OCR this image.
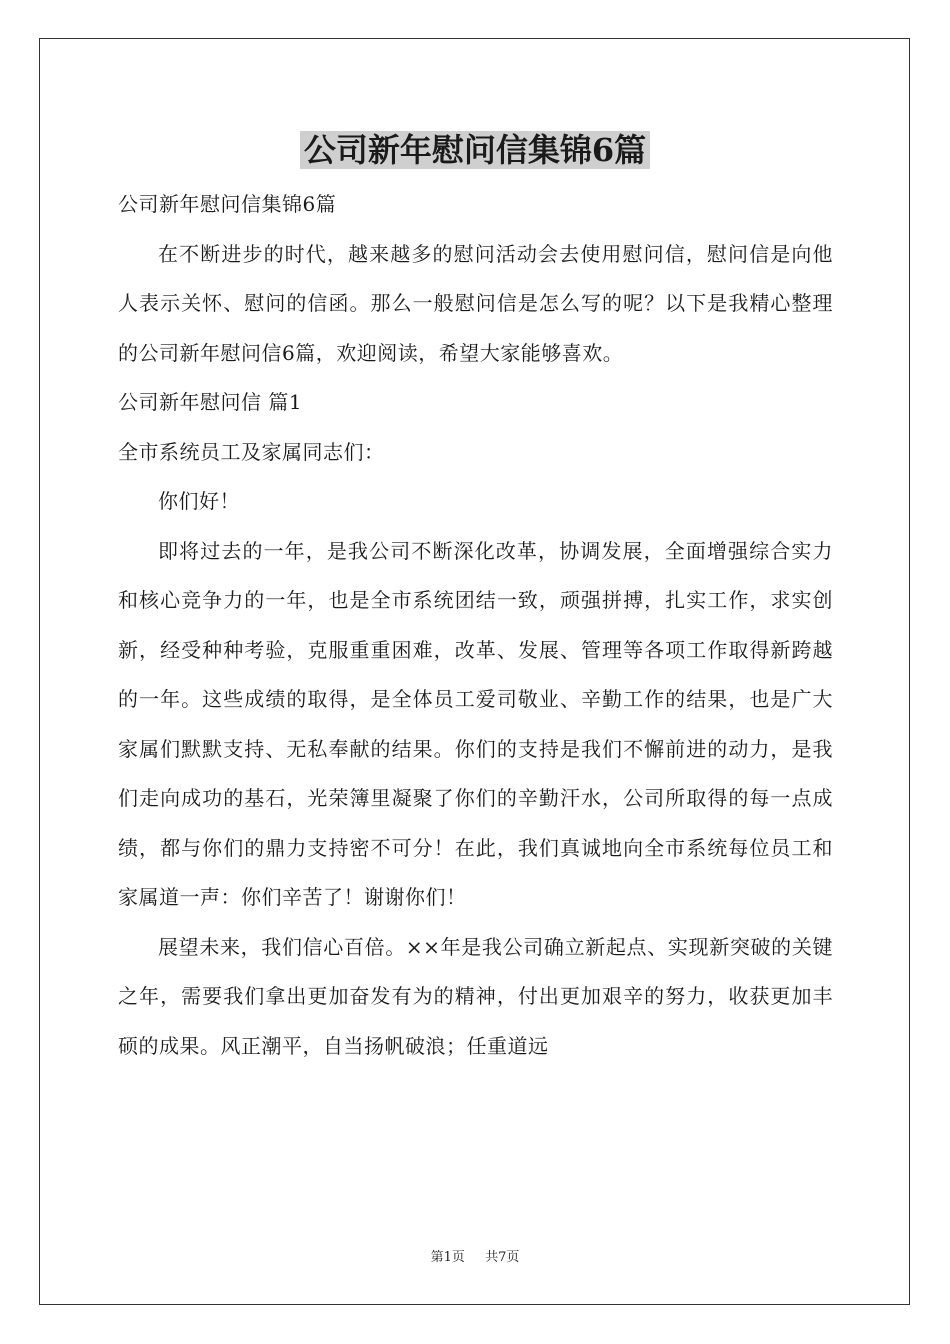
公司新年慰问信集锦6篇

公司新年慰问信集锦6篇

在不断进步的时代，越来越多的慰问活动会去使用慰问信，慰问信是向他人表示关怀、慰问的信函。那么一般慰问信是怎么写的呢？以下是我精心整理的公司新年慰问信6篇，欢迎阅读，希望大家能够喜欢。

公司新年慰问信 篇1

全市系统员工及家属同志们：

你们好！

即将过去的一年，是我公司不断深化改革，协调发展，全面增强综合实力和核心竞争力的一年，也是全市系统团结一致，顽强拼搏，扎实工作，求实创新，经受种种考验，克服重重困难，改革、发展、管理等各项工作取得新跨越的一年。这些成绩的取得，是全体员工爱司敬业、辛勤工作的结果，也是广大家属们默默支持、无私奉献的结果。你们的支持是我们不懈前进的动力，是我们走向成功的基石，光荣簿里凝聚了你们的辛勤汗水，公司所取得的每一点成绩，都与你们的鼎力支持密不可分！在此，我们真诚地向全市系统每位员工和家属道一声：你们辛苦了！谢谢你们！

展望未来，我们信心百倍。××年是我公司确立新起点、实现新突破的关键之年，需要我们拿出更加奋发有为的精神，付出更加艰辛的努力，收获更加丰硕的成果。风正潮平，自当扬帆破浪；任重道远

第1页 共7页
